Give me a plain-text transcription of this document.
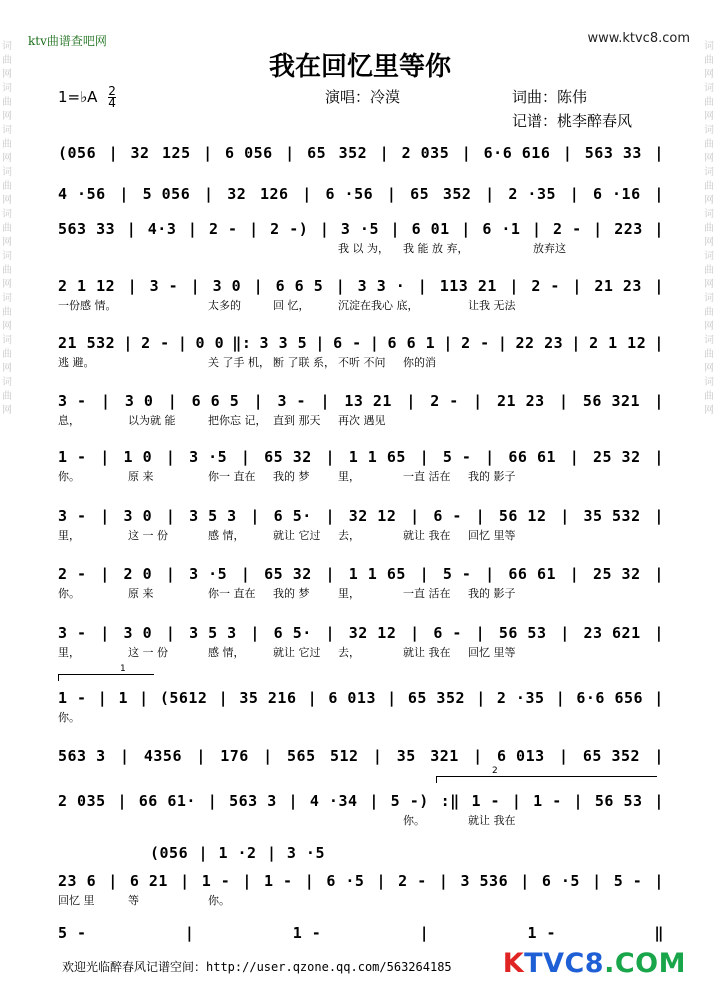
ktv曲谱查吧网	www.ktvc8.com
词曲网词曲网词曲网词曲网词曲网词曲网词曲网词曲网词曲网
词曲网词曲网词曲网词曲网词曲网词曲网词曲网词曲网词曲网
我在回忆里等你
1=♭A $\frac{2}{4}$	演唱：冷漠	词曲：陈伟
记谱：桃李醉春风
(056 | 32 125 | 6 056 | 65 352 | 2 035 | 6·6 616 | 563 33 |
4 ·56 | 5 056 | 32 126 | 6 ·56 | 65 352 | 2 ·35 | 6 ·16 |
563 33 | 4·3 | 2 - | 2 -) | 3 ·5 | 6 01 | 6 ·1 | 2 - | 223 |
我 以 为， 我 能 放 弃，	放弃这
2 1 12 | 3 - | 3 0 | 6 6 5 | 3 3 · | 113 21 | 2 - | 21 23 |
一份感 情。	太多的	回 忆，	沉淀在我心 底，	让我 无法
21 532 | 2 - | 0 0 ‖: 3 3 5 | 6 - | 6 6 1 | 2 - | 22 23 | 2 1 12 |
逃 避。	关 了手 机， 断 了联 系， 不听 不问 你的消
3 - | 3 0 | 6 6 5 | 3 - | 13 21 | 2 - | 21 23 | 56 321 |
息，	以为就 能	把你忘 记， 直到 那天 再次 遇见
1 - | 1 0 | 3 ·5 | 65 32 | 1 1 65 | 5 - | 66 61 | 25 32 |
你。	原 来	你一 直在 我的 梦	里，	一直 活在 我的 影子
3 - | 3 0 | 3 5 3 | 6 5· | 32 12 | 6 - | 56 12 | 35 532 |
里，	这 一 份	感 情，	就让 它过 去，	就让 我在 回忆 里等
2 - | 2 0 | 3 ·5 | 65 32 | 1 1 65 | 5 - | 66 61 | 25 32 |
你。	原 来	你一 直在 我的 梦	里，	一直 活在 我的 影子
3 - | 3 0 | 3 5 3 | 6 5· | 32 12 | 6 - | 56 53 | 23 621 |
里，	这 一 份	感 情，	就让 它过 去，	就让 我在 回忆 里等
1 - | 1 | (5612 | 35 216 | 6 013 | 65 352 | 2 ·35 | 6·6 656 |
你。
563 3 | 4356 | 176 | 565 512 | 35 321 | 6 013 | 65 352 |
2 035 | 66 61· | 563 3 | 4 ·34 | 5 -) :‖ 1 - | 1 - | 56 53 |
你。	就让 我在
23 6 | 6 21 | 1 - | 1 - | 6 ·5 | 2 - | 3 536 | 6 ·5 | 5 - |
回忆 里	等	你。
5 -	|	1 -	|	1 -	‖
(056 | 1 ·2 | 3 ·5
1
2
欢迎光临醉春风记谱空间：http://user.qzone.qq.com/563264185 KTVC8.COM
